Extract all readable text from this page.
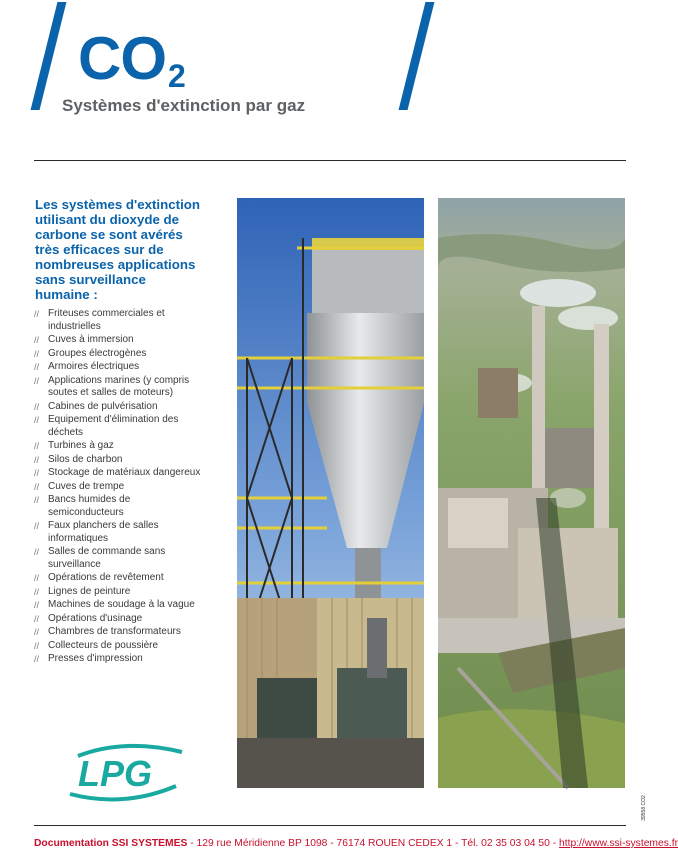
$CO_2$
Systèmes d'extinction par gaz
Les systèmes d'extinction
utilisant du dioxyde de
carbone se sont avérés
très efficaces sur de
nombreuses applications
sans surveillance
humaine :
// Friteuses commerciales et
industrielles
// Cuves à immersion
// Groupes électrogènes
// Armoires électriques
// Applications marines (y compris
soutes et salles de moteurs)
// Cabines de pulvérisation
// Equipement d'élimination des
déchets
// Turbines à gaz
// Silos de charbon
// Stockage de matériaux dangereux
// Cuves de trempe
// Bancs humides de
semiconducteurs
// Faux planchers de salles
informatiques
// Salles de commande sans
surveillance
// Opérations de revêtement
// Lignes de peinture
// Machines de soudage à la vague
// Opérations d'usinage
// Chambres de transformateurs
// Collecteurs de poussière
// Presses d'impression
LPG
Documentation SSI SYSTEMES - 129 rue Méridienne BP 1098 - 76174 ROUEN CEDEX 1 - Tél. 02 35 03 04 50 - http://www.ssi-systemes.fr
39558 CO2
